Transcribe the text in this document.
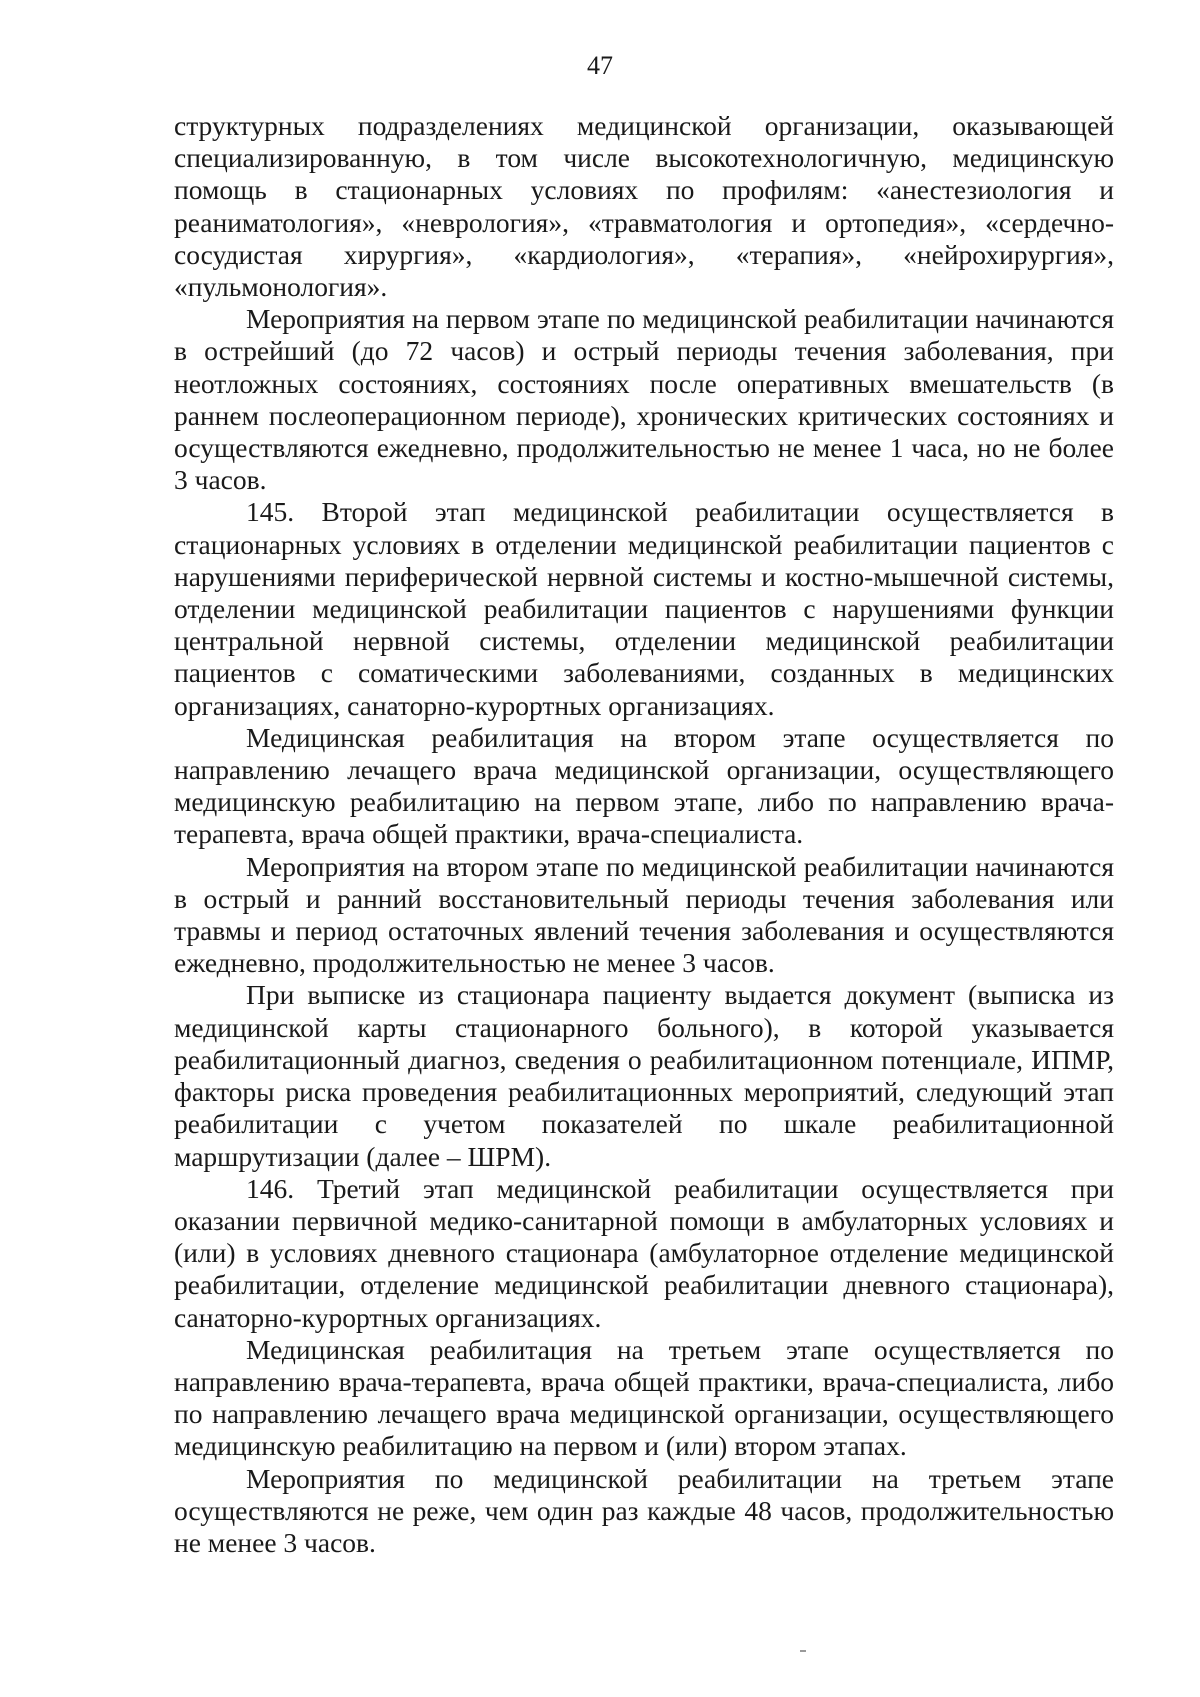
47

структурных подразделениях медицинской организации, оказывающей специализированную, в том числе высокотехнологичную, медицинскую помощь в стационарных условиях по профилям: «анестезиология и реаниматология», «неврология», «травматология и ортопедия», «сердечно-сосудистая хирургия», «кардиология», «терапия», «нейрохирургия», «пульмонология».

Мероприятия на первом этапе по медицинской реабилитации начинаются в острейший (до 72 часов) и острый периоды течения заболевания, при неотложных состояниях, состояниях после оперативных вмешательств (в раннем послеоперационном периоде), хронических критических состояниях и осуществляются ежедневно, продолжительностью не менее 1 часа, но не более 3 часов.

145. Второй этап медицинской реабилитации осуществляется в стационарных условиях в отделении медицинской реабилитации пациентов с нарушениями периферической нервной системы и костно-мышечной системы, отделении медицинской реабилитации пациентов с нарушениями функции центральной нервной системы, отделении медицинской реабилитации пациентов с соматическими заболеваниями, созданных в медицинских организациях, санаторно-курортных организациях.

Медицинская реабилитация на втором этапе осуществляется по направлению лечащего врача медицинской организации, осуществляющего медицинскую реабилитацию на первом этапе, либо по направлению врача-терапевта, врача общей практики, врача-специалиста.

Мероприятия на втором этапе по медицинской реабилитации начинаются в острый и ранний восстановительный периоды течения заболевания или травмы и период остаточных явлений течения заболевания и осуществляются ежедневно, продолжительностью не менее 3 часов.

При выписке из стационара пациенту выдается документ (выписка из медицинской карты стационарного больного), в которой указывается реабилитационный диагноз, сведения о реабилитационном потенциале, ИПМР, факторы риска проведения реабилитационных мероприятий, следующий этап реабилитации с учетом показателей по шкале реабилитационной маршрутизации (далее – ШРМ).

146. Третий этап медицинской реабилитации осуществляется при оказании первичной медико-санитарной помощи в амбулаторных условиях и (или) в условиях дневного стационара (амбулаторное отделение медицинской реабилитации, отделение медицинской реабилитации дневного стационара), санаторно-курортных организациях.

Медицинская реабилитация на третьем этапе осуществляется по направлению врача-терапевта, врача общей практики, врача-специалиста, либо по направлению лечащего врача медицинской организации, осуществляющего медицинскую реабилитацию на первом и (или) втором этапах.

Мероприятия по медицинской реабилитации на третьем этапе осуществляются не реже, чем один раз каждые 48 часов, продолжительностью не менее 3 часов.
